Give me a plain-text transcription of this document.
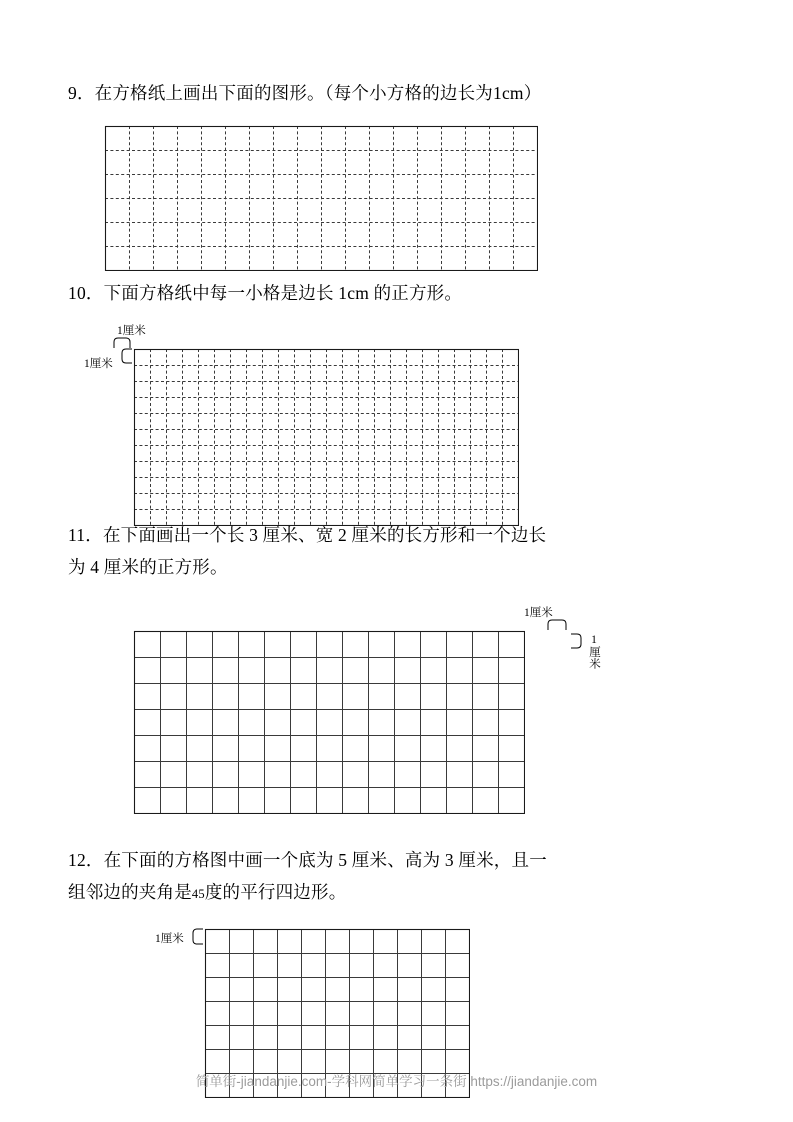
9．在方格纸上画出下面的图形。（每个小方格的边长为1cm）
10．下面方格纸中每一小格是边长 1cm 的正方形。
1厘米
1厘米
11．在下面画出一个长 3 厘米、宽 2 厘米的长方形和一个边长
为 4 厘米的正方形。
1厘米
1厘米
12．在下面的方格图中画一个底为 5 厘米、高为 3 厘米，且一
组邻边的夹角是45度的平行四边形。
1厘米
简单街-jiandanjie.com-学科网简单学习一条街 https://jiandanjie.com
